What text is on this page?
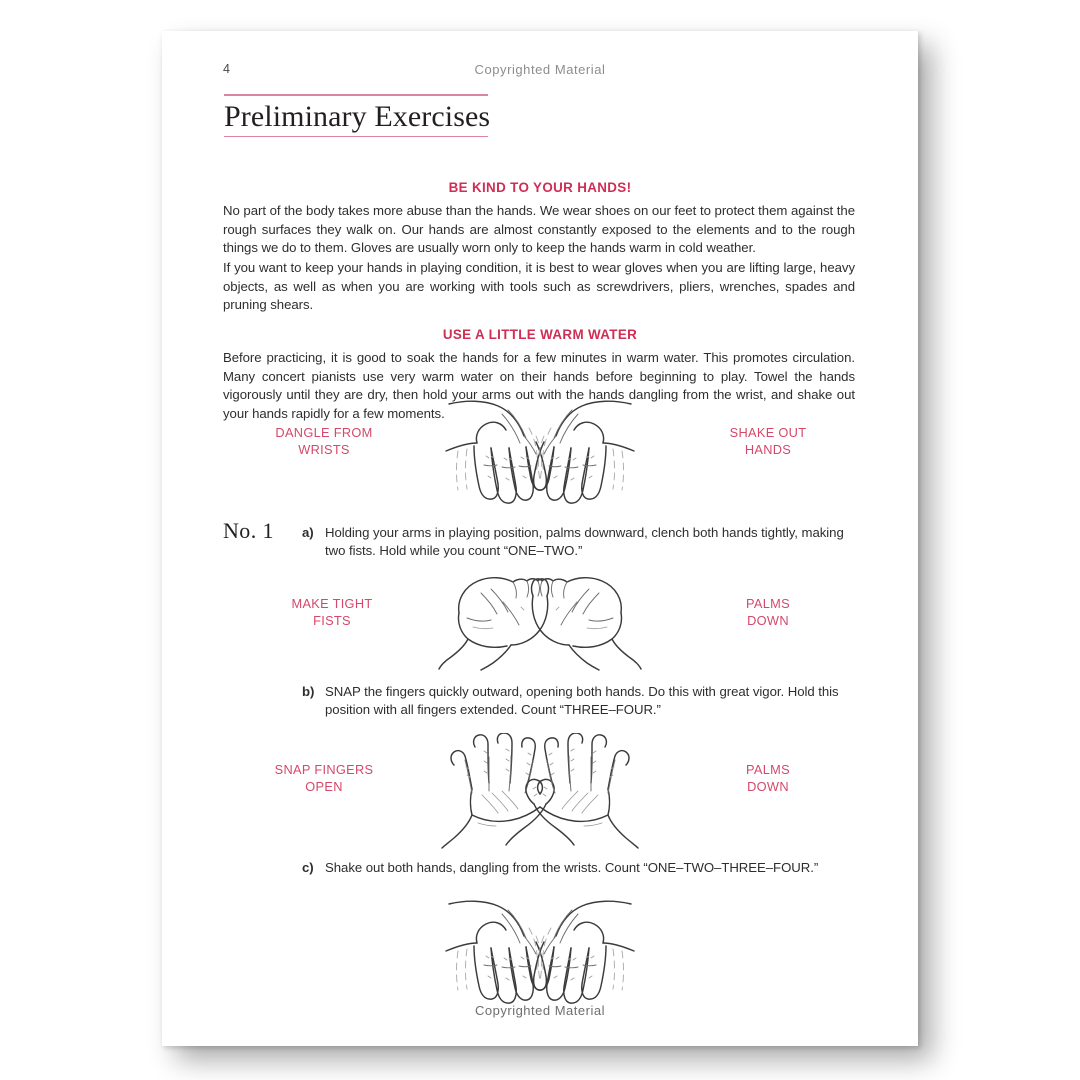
4	Copyrighted Material
Preliminary Exercises
BE KIND TO YOUR HANDS!
No part of the body takes more abuse than the hands. We wear shoes on our feet to protect them against the rough surfaces they walk on. Our hands are almost constantly exposed to the elements and to the rough things we do to them. Gloves are usually worn only to keep the hands warm in cold weather.
If you want to keep your hands in playing condition, it is best to wear gloves when you are lifting large, heavy objects, as well as when you are working with tools such as screwdrivers, pliers, wrenches, spades and pruning shears.
USE A LITTLE WARM WATER
Before practicing, it is good to soak the hands for a few minutes in warm water. This promotes circulation. Many concert pianists use very warm water on their hands before beginning to play. Towel the hands vigorously until they are dry, then hold your arms out with the hands dangling from the wrist, and shake out your hands rapidly for a few moments.
DANGLE FROM
WRISTS
SHAKE OUT
HANDS
No. 1 a) Holding your arms in playing position, palms downward, clench both hands tightly, making two fists. Hold while you count “ONE–TWO.”
MAKE TIGHT
FISTS
PALMS
DOWN
b) SNAP the fingers quickly outward, opening both hands. Do this with great vigor. Hold this position with all fingers extended. Count “THREE–FOUR.”
SNAP FINGERS
OPEN
PALMS
DOWN
c) Shake out both hands, dangling from the wrists. Count “ONE–TWO–THREE–FOUR.”
Copyrighted Material
